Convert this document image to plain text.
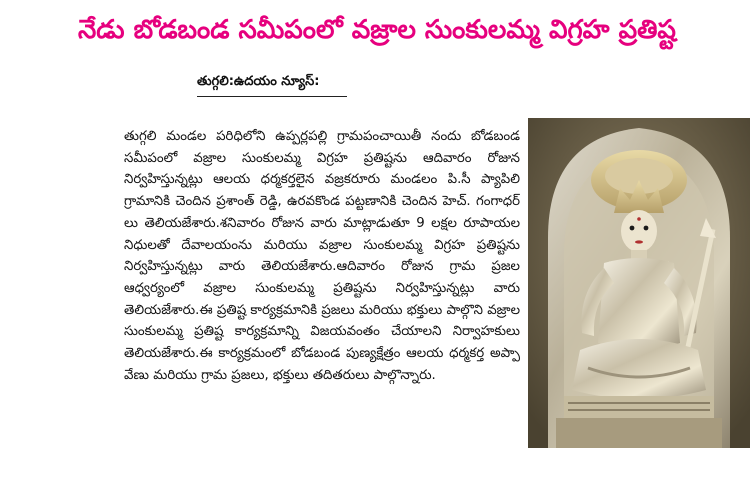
నేడు బోడబండ సమీపంలో వజ్రాల సుంకులమ్మ విగ్రహ ప్రతిష్ట
తుగ్గలి:ఉదయం న్యూస్:

తుగ్గలి మండల పరిధిలోని ఉప్పర్లపల్లి గ్రామపంచాయితీ నందు బోడబండ సమీపంలో వజ్రాల సుంకులమ్మ విగ్రహ ప్రతిష్టను ఆదివారం రోజున నిర్వహిస్తున్నట్లు ఆలయ ధర్మకర్తలైన వజ్రకరూరు మండలం పి.సీ ప్యాపిలి గ్రామానికి చెందిన ప్రశాంత్ రెడ్డి, ఉరవకొండ పట్టణానికి చెందిన హెచ్. గంగాధర్ లు తెలియజేశారు.శనివారం రోజున వారు మాట్లాడుతూ 9 లక్షల రూపాయల నిధులతో దేవాలయంను మరియు వజ్రాల సుంకులమ్మ విగ్రహ ప్రతిష్టను నిర్వహిస్తున్నట్లు వారు తెలియజేశారు.ఆదివారం రోజున గ్రామ ప్రజల ఆధ్వర్యంలో వజ్రాల సుంకులమ్మ ప్రతిష్టను నిర్వహిస్తున్నట్లు వారు తెలియజేశారు.ఈ ప్రతిష్ట కార్యక్రమానికి ప్రజలు మరియు భక్తులు పాల్గొని వజ్రాల సుంకులమ్మ ప్రతిష్ట కార్యక్రమాన్ని విజయవంతం చేయాలని నిర్వాహకులు తెలియజేశారు.ఈ కార్యక్రమంలో బోడబండ పుణ్యక్షేత్రం ఆలయ ధర్మకర్త అప్పా వేణు మరియు గ్రామ ప్రజలు, భక్తులు తదితరులు పాల్గొన్నారు.
